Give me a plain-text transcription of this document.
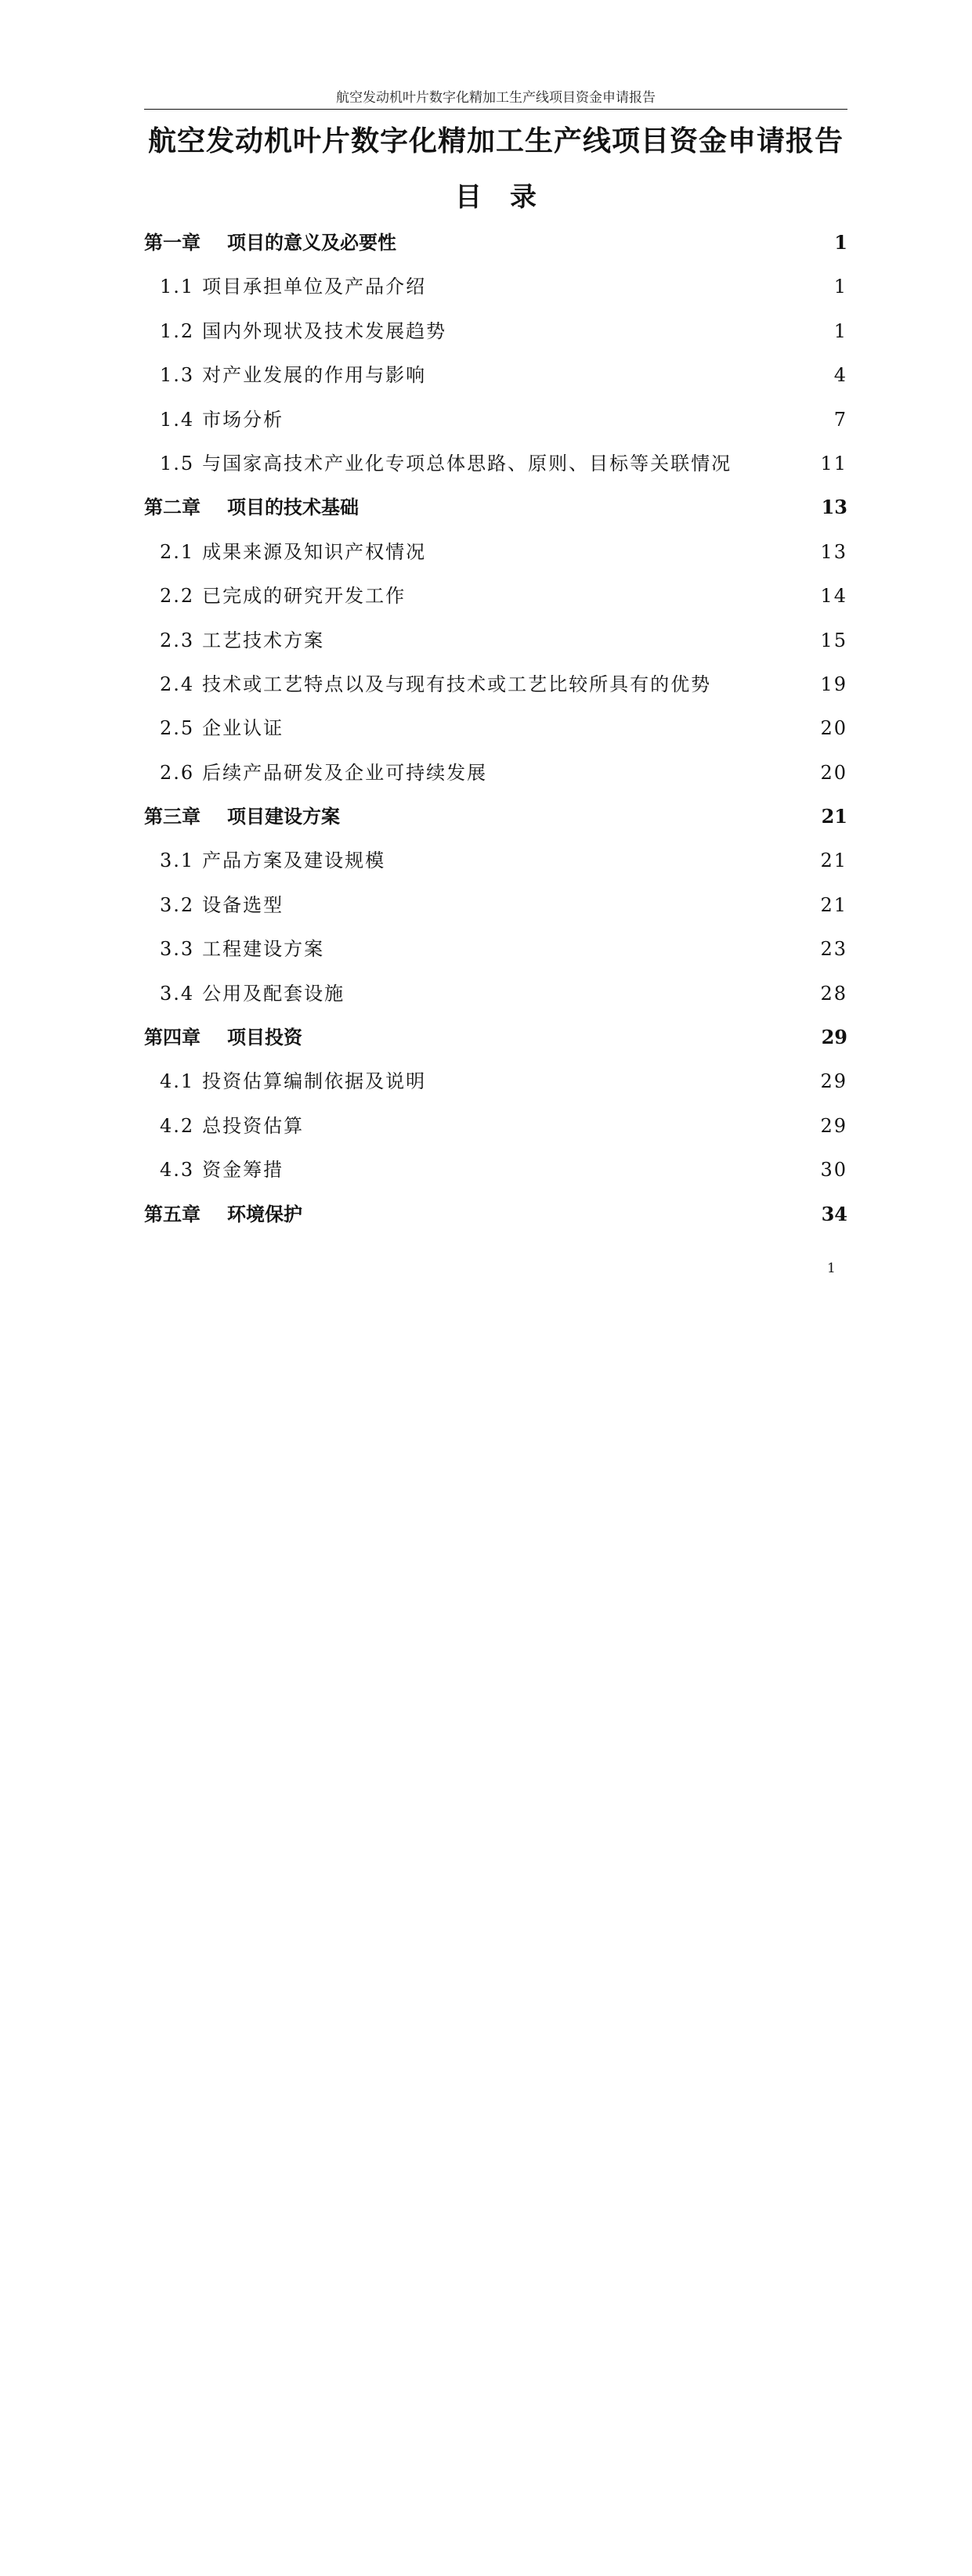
航空发动机叶片数字化精加工生产线项目资金申请报告
航空发动机叶片数字化精加工生产线项目资金申请报告
目录
第一章 项目的意义及必要性	1
1.1 项目承担单位及产品介绍	1
1.2 国内外现状及技术发展趋势	1
1.3 对产业发展的作用与影响	4
1.4 市场分析	7
1.5 与国家高技术产业化专项总体思路、原则、目标等关联情况	11
第二章 项目的技术基础	13
2.1 成果来源及知识产权情况	13
2.2 已完成的研究开发工作	14
2.3 工艺技术方案	15
2.4 技术或工艺特点以及与现有技术或工艺比较所具有的优势	19
2.5 企业认证	20
2.6 后续产品研发及企业可持续发展	20
第三章 项目建设方案	21
3.1 产品方案及建设规模	21
3.2 设备选型	21
3.3 工程建设方案	23
3.4 公用及配套设施	28
第四章 项目投资	29
4.1 投资估算编制依据及说明	29
4.2 总投资估算	29
4.3 资金筹措	30
第五章 环境保护	34
1
